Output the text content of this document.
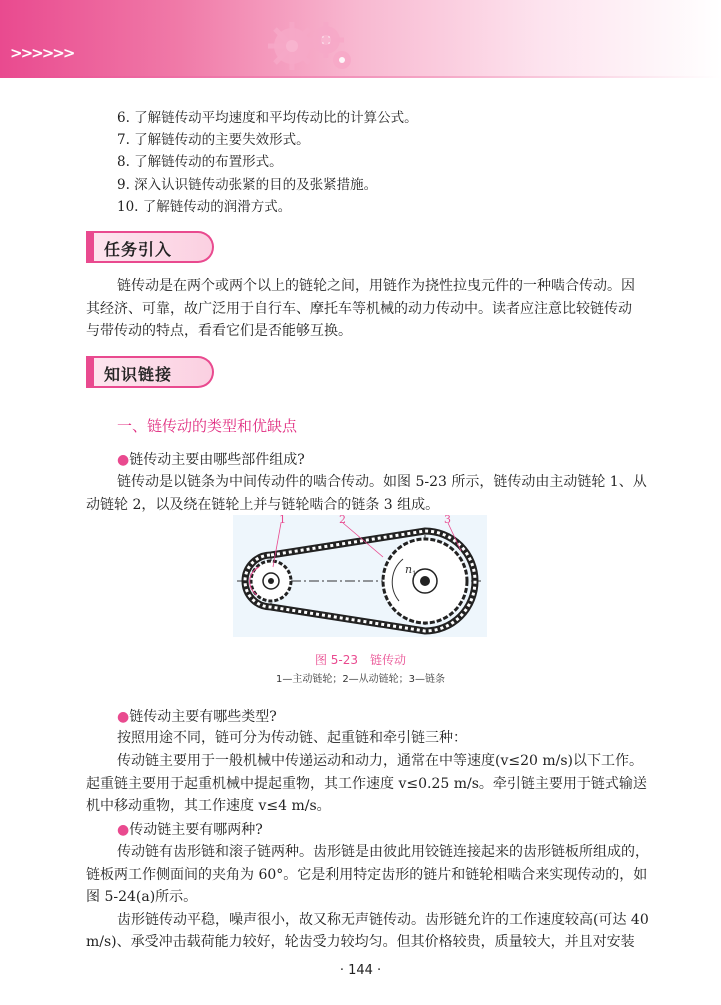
>>>>>>
6. 了解链传动平均速度和平均传动比的计算公式。
7. 了解链传动的主要失效形式。
8. 了解链传动的布置形式。
9. 深入认识链传动张紧的目的及张紧措施。
10. 了解链传动的润滑方式。
任务引入
链传动是在两个或两个以上的链轮之间，用链作为挠性拉曳元件的一种啮合传动。因
其经济、可靠，故广泛用于自行车、摩托车等机械的动力传动中。读者应注意比较链传动
与带传动的特点，看看它们是否能够互换。
知识链接
一、链传动的类型和优缺点
●链传动主要由哪些部件组成?
链传动是以链条为中间传动件的啮合传动。如图 5-23 所示，链传动由主动链轮 1、从
动链轮 2，以及绕在链轮上并与链轮啮合的链条 3 组成。
1	2	3
n 1
图 5-23　链传动
1—主动链轮；2—从动链轮；3—链条
●链传动主要有哪些类型?
按照用途不同，链可分为传动链、起重链和牵引链三种：
传动链主要用于一般机械中传递运动和动力，通常在中等速度(v≤20 m/s)以下工作。
起重链主要用于起重机械中提起重物，其工作速度 v≤0.25 m/s。牵引链主要用于链式输送
机中移动重物，其工作速度 v≤4 m/s。
●传动链主要有哪两种?
传动链有齿形链和滚子链两种。齿形链是由彼此用铰链连接起来的齿形链板所组成的，
链板两工作侧面间的夹角为 60°。它是利用特定齿形的链片和链轮相啮合来实现传动的，如
图 5-24(a)所示。
齿形链传动平稳，噪声很小，故又称无声链传动。齿形链允许的工作速度较高(可达 40
m/s)、承受冲击载荷能力较好，轮齿受力较均匀。但其价格较贵，质量较大，并且对安装
· 144 ·
